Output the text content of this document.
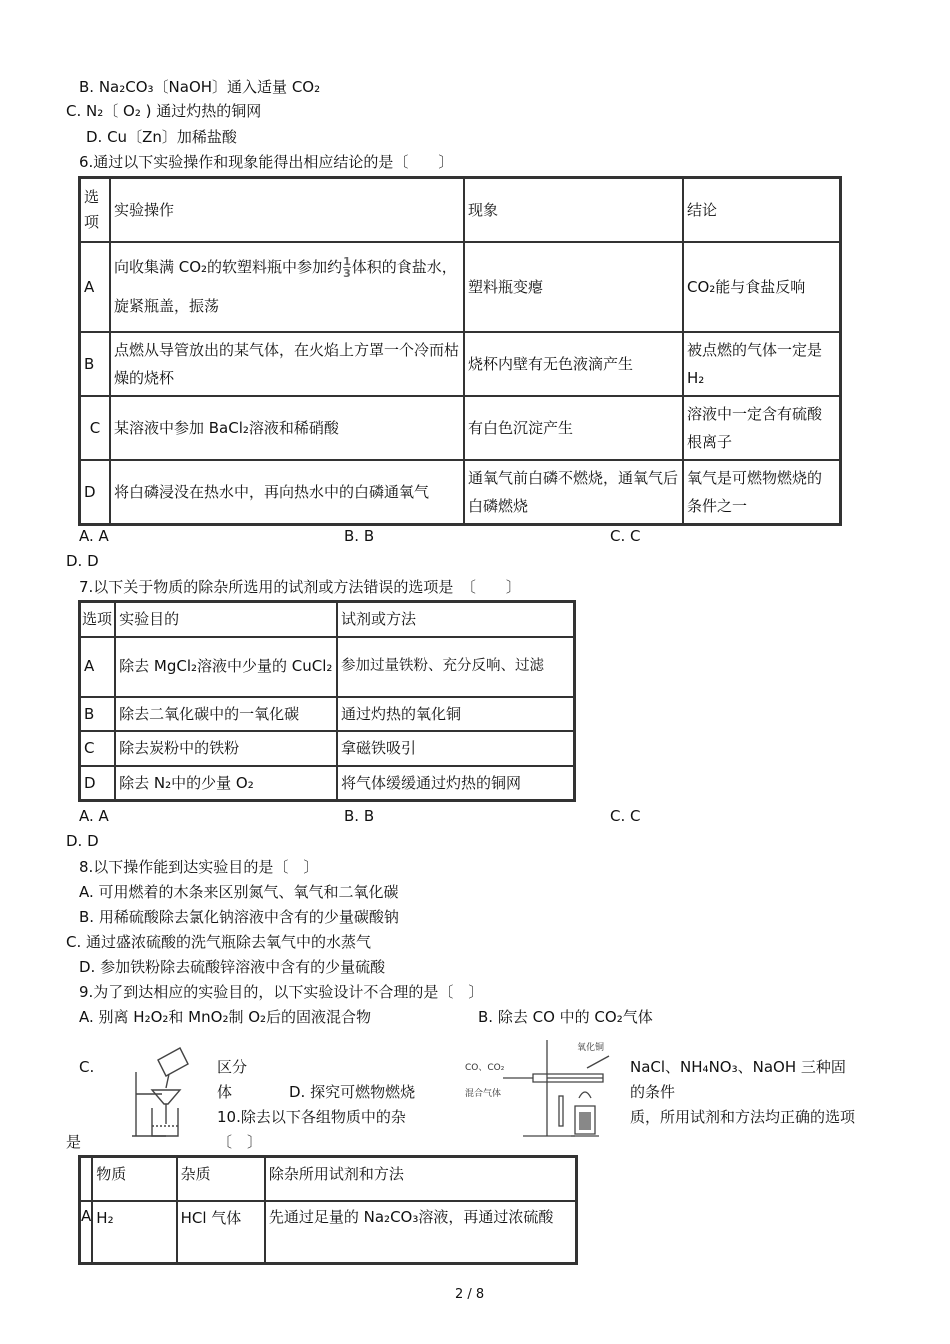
B. Na₂CO₃〔NaOH〕通入适量 CO₂
C. N₂〔 O₂ ) 通过灼热的铜网
D. Cu〔Zn〕加稀盐酸
6.通过以下实验操作和现象能得出相应结论的是〔　　〕
选项	实验操作	现象	结论
A	向收集满 CO₂的软塑料瓶中参加约 $\frac{1}{3}$ 体积的食盐水，旋紧瓶盖，振荡	塑料瓶变瘪	CO₂能与食盐反响
B	点燃从导管放出的某气体，在火焰上方罩一个冷而枯燥的烧杯	烧杯内壁有无色液滴产生	被点燃的气体一定是 H₂
C	某溶液中参加 BaCl₂溶液和稀硝酸	有白色沉淀产生	溶液中一定含有硫酸根离子
D	将白磷浸没在热水中，再向热水中的白磷通氧气	通氧气前白磷不燃烧，通氧气后白磷燃烧	氧气是可燃物燃烧的条件之一
A. A	B. B	C. C
D. D
7.以下关于物质的除杂所选用的试剂或方法错误的选项是　〔　　〕
选项	实验目的	试剂或方法
A	除去 MgCl₂溶液中少量的 CuCl₂	参加过量铁粉、充分反响、过滤
B	除去二氧化碳中的一氧化碳	通过灼热的氧化铜
C	除去炭粉中的铁粉	拿磁铁吸引
D	除去 N₂中的少量 O₂	将气体缓缓通过灼热的铜网
A. A	B. B	C. C
D. D
8.以下操作能到达实验目的是〔　〕
A. 可用燃着的木条来区别氮气、氧气和二氧化碳
B. 用稀硫酸除去氯化钠溶液中含有的少量碳酸钠
C. 通过盛浓硫酸的洗气瓶除去氧气中的水蒸气
D. 参加铁粉除去硫酸锌溶液中含有的少量硫酸
9.为了到达相应的实验目的，以下实验设计不合理的是〔　〕
A. 别离 H₂O₂和 MnO₂制 O₂后的固液混合物	B. 除去 CO 中的 CO₂气体
C.	区分
体	D. 探究可燃物燃烧
CO、CO₂
混合气体
氧化铜
NaCl、NH₄NO₃、NaOH 三种固
的条件
10.除去以下各组物质中的杂	质，所用试剂和方法均正确的选项
是	〔　〕
	物质	杂质	除杂所用试剂和方法
A	H₂	HCl 气体	先通过足量的 Na₂CO₃溶液，再通过浓硫酸
2 / 8
